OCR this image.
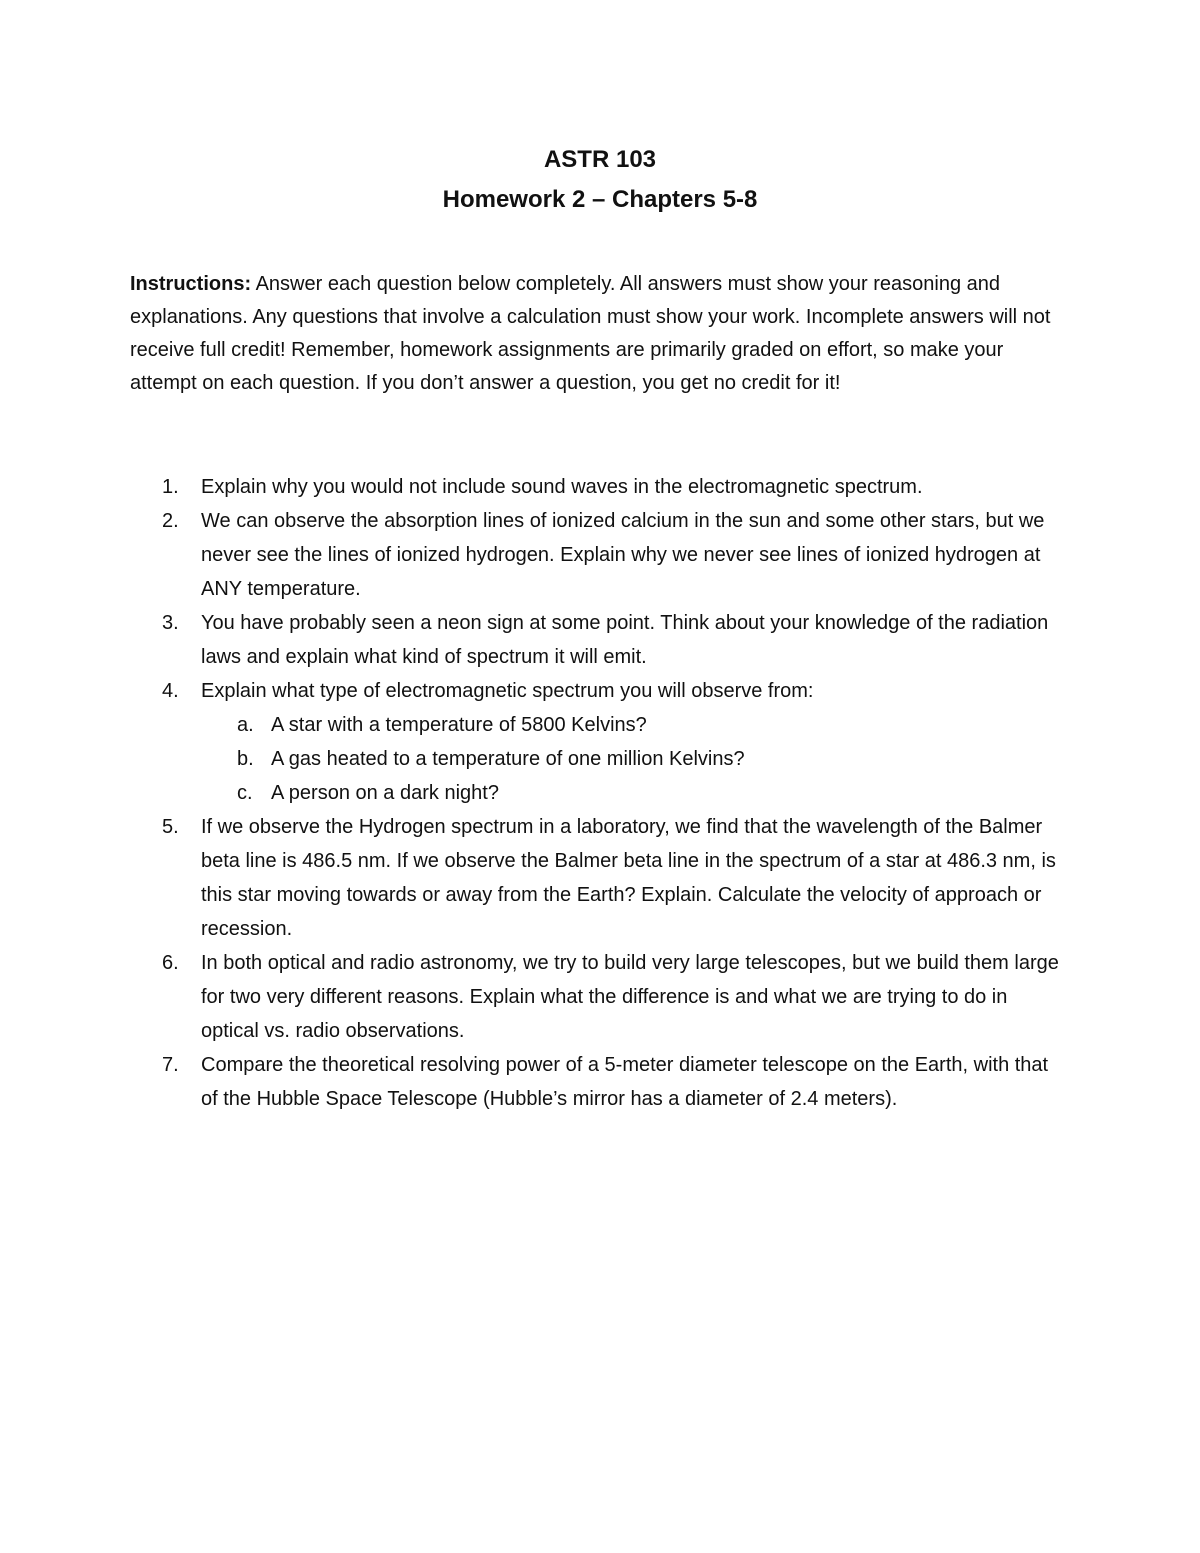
ASTR 103
Homework 2 – Chapters 5-8
Instructions: Answer each question below completely. All answers must show your reasoning and explanations. Any questions that involve a calculation must show your work. Incomplete answers will not receive full credit! Remember, homework assignments are primarily graded on effort, so make your attempt on each question. If you don’t answer a question, you get no credit for it!
1. Explain why you would not include sound waves in the electromagnetic spectrum.
2. We can observe the absorption lines of ionized calcium in the sun and some other stars, but we never see the lines of ionized hydrogen. Explain why we never see lines of ionized hydrogen at ANY temperature.
3. You have probably seen a neon sign at some point. Think about your knowledge of the radiation laws and explain what kind of spectrum it will emit.
4. Explain what type of electromagnetic spectrum you will observe from:
a. A star with a temperature of 5800 Kelvins?
b. A gas heated to a temperature of one million Kelvins?
c. A person on a dark night?
5. If we observe the Hydrogen spectrum in a laboratory, we find that the wavelength of the Balmer beta line is 486.5 nm. If we observe the Balmer beta line in the spectrum of a star at 486.3 nm, is this star moving towards or away from the Earth? Explain. Calculate the velocity of approach or recession.
6. In both optical and radio astronomy, we try to build very large telescopes, but we build them large for two very different reasons. Explain what the difference is and what we are trying to do in optical vs. radio observations.
7. Compare the theoretical resolving power of a 5-meter diameter telescope on the Earth, with that of the Hubble Space Telescope (Hubble’s mirror has a diameter of 2.4 meters).
